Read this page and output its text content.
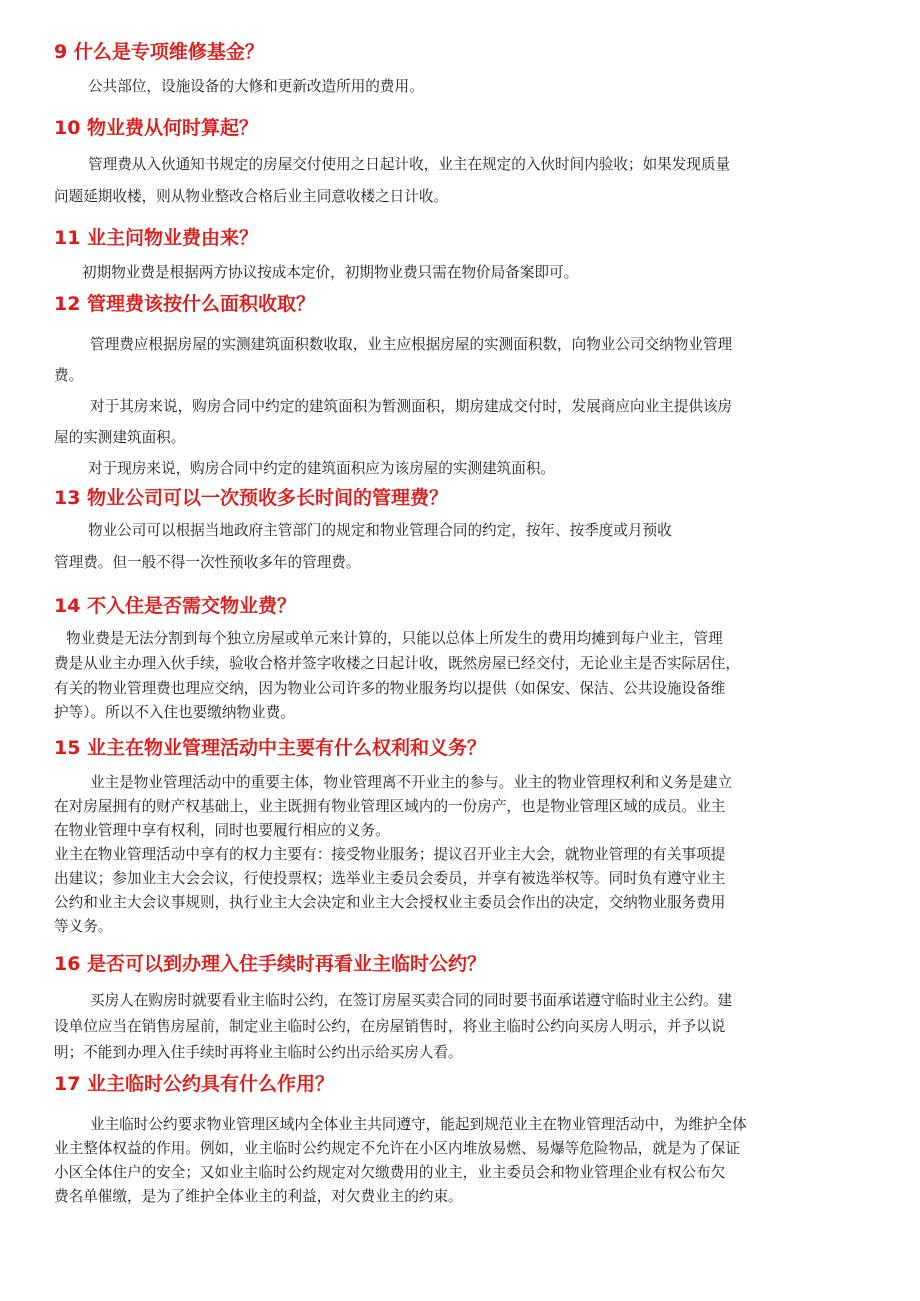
9 什么是专项维修基金？

公共部位，设施设备的大修和更新改造所用的费用。

10 物业费从何时算起？

管理费从入伙通知书规定的房屋交付使用之日起计收，业主在规定的入伙时间内验收；如果发现质量

问题延期收楼，则从物业整改合格后业主同意收楼之日计收。

11 业主问物业费由来？

初期物业费是根据两方协议按成本定价，初期物业费只需在物价局备案即可。

12 管理费该按什么面积收取？

管理费应根据房屋的实测建筑面积数收取，业主应根据房屋的实测面积数，向物业公司交纳物业管理

费。

对于其房来说，购房合同中约定的建筑面积为暂测面积，期房建成交付时，发展商应向业主提供该房

屋的实测建筑面积。

对于现房来说，购房合同中约定的建筑面积应为该房屋的实测建筑面积。

13 物业公司可以一次预收多长时间的管理费？

物业公司可以根据当地政府主管部门的规定和物业管理合同的约定，按年、按季度或月预收

管理费。但一般不得一次性预收多年的管理费。

14 不入住是否需交物业费？

物业费是无法分割到每个独立房屋或单元来计算的，只能以总体上所发生的费用均摊到每户业主，管理

费是从业主办理入伙手续，验收合格并签字收楼之日起计收，既然房屋已经交付，无论业主是否实际居住，

有关的物业管理费也理应交纳，因为物业公司许多的物业服务均以提供（如保安、保洁、公共设施设备维

护等）。所以不入住也要缴纳物业费。

15 业主在物业管理活动中主要有什么权利和义务？

业主是物业管理活动中的重要主体，物业管理离不开业主的参与。业主的物业管理权利和义务是建立

在对房屋拥有的财产权基础上，业主既拥有物业管理区域内的一份房产，也是物业管理区域的成员。业主

在物业管理中享有权利，同时也要履行相应的义务。

业主在物业管理活动中享有的权力主要有：接受物业服务；提议召开业主大会，就物业管理的有关事项提

出建议；参加业主大会会议，行使投票权；选举业主委员会委员，并享有被选举权等。同时负有遵守业主

公约和业主大会议事规则，执行业主大会决定和业主大会授权业主委员会作出的决定，交纳物业服务费用

等义务。

16 是否可以到办理入住手续时再看业主临时公约？

买房人在购房时就要看业主临时公约，在签订房屋买卖合同的同时要书面承诺遵守临时业主公约。建

设单位应当在销售房屋前，制定业主临时公约，在房屋销售时，将业主临时公约向买房人明示，并予以说

明；不能到办理入住手续时再将业主临时公约出示给买房人看。

17 业主临时公约具有什么作用？

业主临时公约要求物业管理区域内全体业主共同遵守，能起到规范业主在物业管理活动中，为维护全体

业主整体权益的作用。例如，业主临时公约规定不允许在小区内堆放易燃、易爆等危险物品，就是为了保证

小区全体住户的安全；又如业主临时公约规定对欠缴费用的业主，业主委员会和物业管理企业有权公布欠

费名单催缴，是为了维护全体业主的利益，对欠费业主的约束。
